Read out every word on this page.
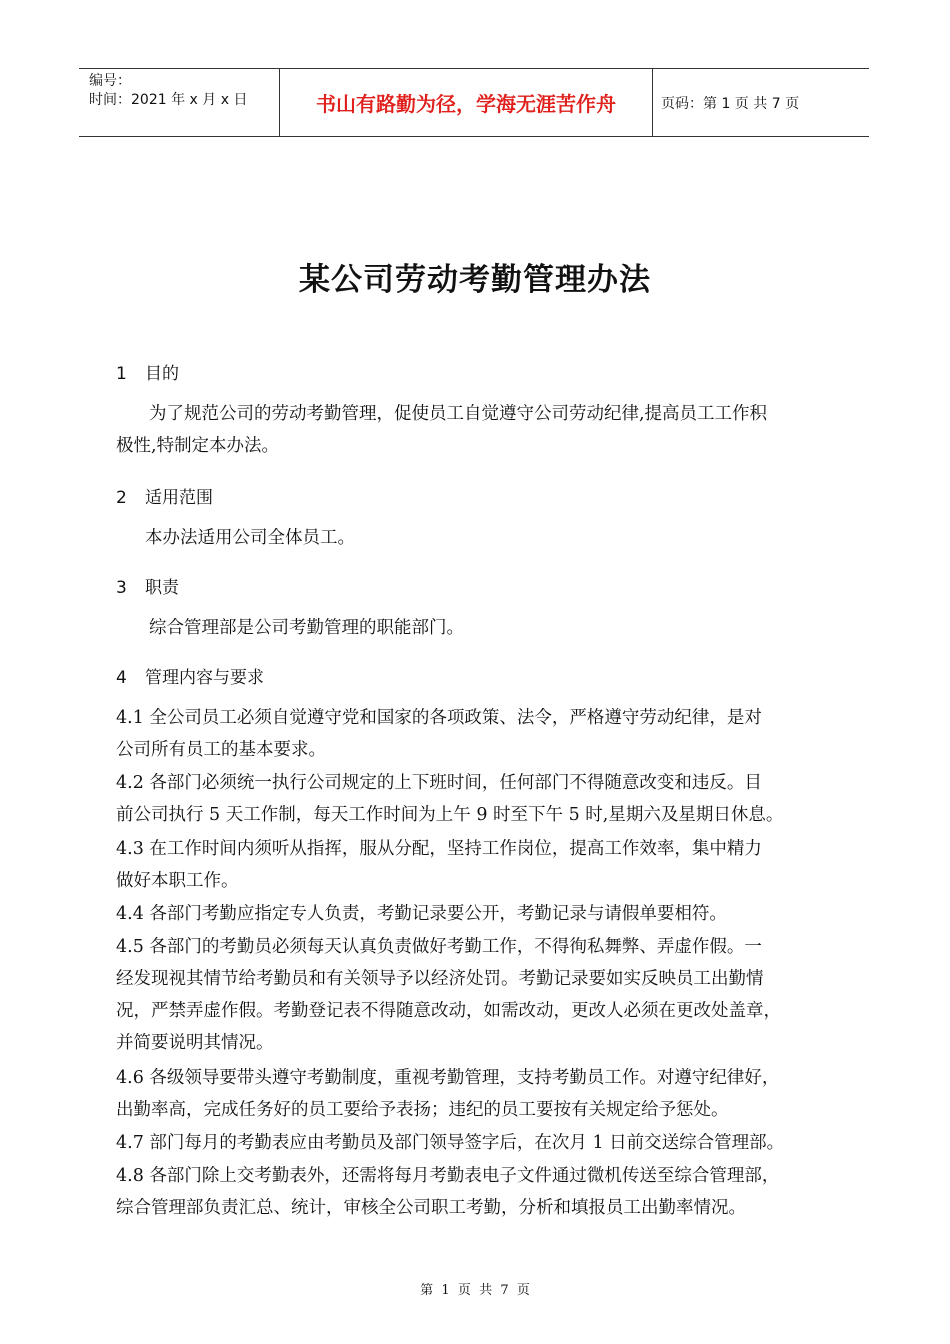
编号：
时间：2021 年 x 月 x 日	书山有路勤为径，学海无涯苦作舟	页码：第 1 页 共 7 页
某公司劳动考勤管理办法
1 目的
为了规范公司的劳动考勤管理，促使员工自觉遵守公司劳动纪律,提高员工工作积
极性,特制定本办法。
2 适用范围
本办法适用公司全体员工。
3 职责
综合管理部是公司考勤管理的职能部门。
4 管理内容与要求
4.1 全公司员工必须自觉遵守党和国家的各项政策、法令，严格遵守劳动纪律，是对
公司所有员工的基本要求。
4.2 各部门必须统一执行公司规定的上下班时间，任何部门不得随意改变和违反。目
前公司执行 5 天工作制，每天工作时间为上午 9 时至下午 5 时,星期六及星期日休息。
4.3 在工作时间内须听从指挥，服从分配，坚持工作岗位，提高工作效率，集中精力
做好本职工作。
4.4 各部门考勤应指定专人负责，考勤记录要公开，考勤记录与请假单要相符。
4.5 各部门的考勤员必须每天认真负责做好考勤工作，不得徇私舞弊、弄虚作假。一
经发现视其情节给考勤员和有关领导予以经济处罚。考勤记录要如实反映员工出勤情
况，严禁弄虚作假。考勤登记表不得随意改动，如需改动，更改人必须在更改处盖章，
并简要说明其情况。
4.6 各级领导要带头遵守考勤制度，重视考勤管理，支持考勤员工作。对遵守纪律好，
出勤率高，完成任务好的员工要给予表扬；违纪的员工要按有关规定给予惩处。
4.7 部门每月的考勤表应由考勤员及部门领导签字后，在次月 1 日前交送综合管理部。
4.8 各部门除上交考勤表外，还需将每月考勤表电子文件通过微机传送至综合管理部，
综合管理部负责汇总、统计，审核全公司职工考勤，分析和填报员工出勤率情况。
第  1  页  共  7  页
